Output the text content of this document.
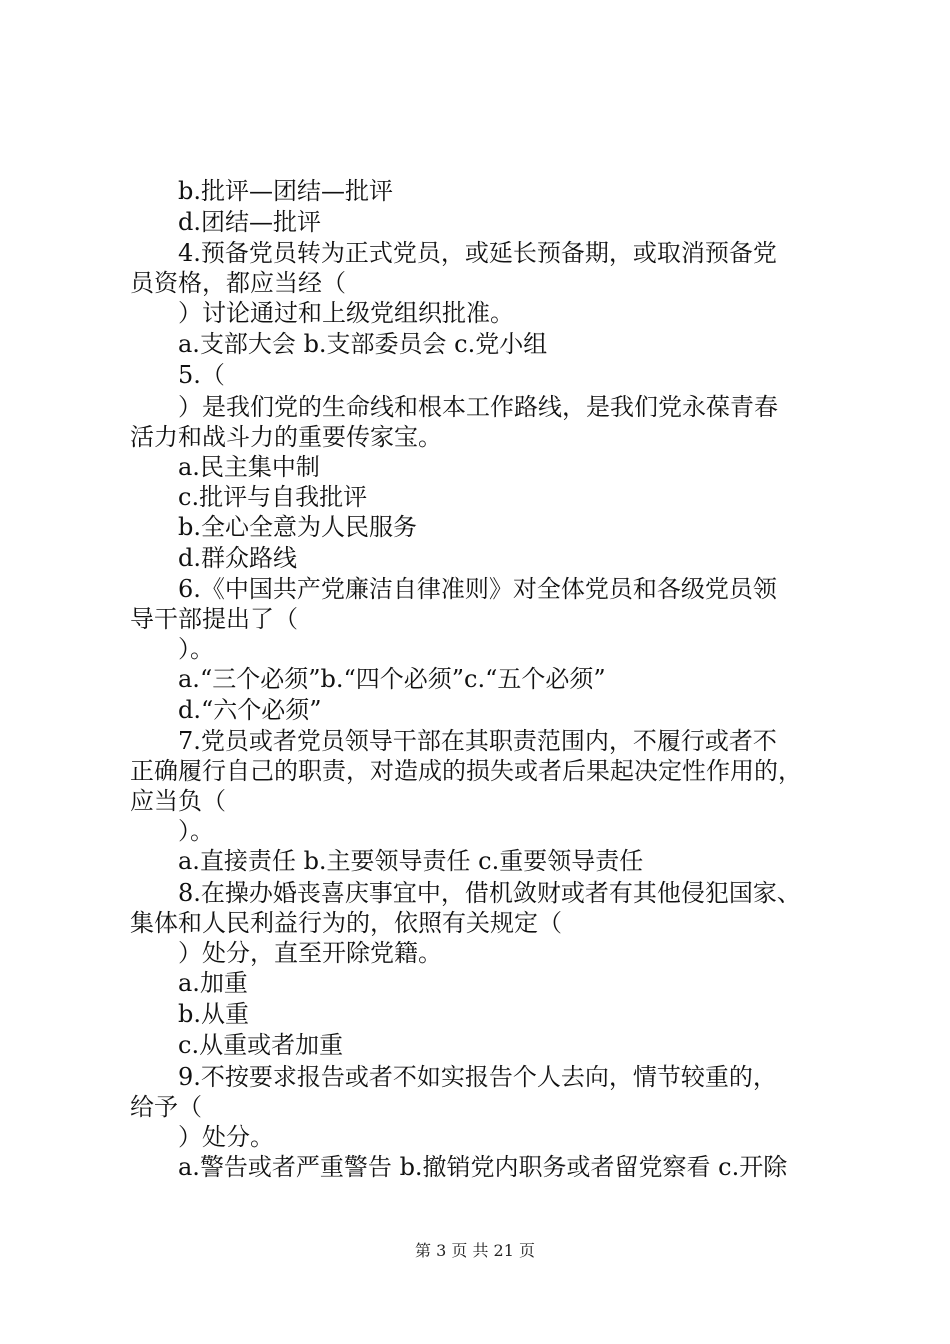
b.批评—团结—批评
d.团结—批评
4.预备党员转为正式党员，或延长预备期，或取消预备党
员资格，都应当经（
）讨论通过和上级党组织批准。
a.支部大会 b.支部委员会 c.党小组
5.（
）是我们党的生命线和根本工作路线，是我们党永葆青春
活力和战斗力的重要传家宝。
a.民主集中制
c.批评与自我批评
b.全心全意为人民服务
d.群众路线
6.《中国共产党廉洁自律准则》对全体党员和各级党员领
导干部提出了（
）。
a.“三个必须”b.“四个必须”c.“五个必须”
d.“六个必须”
7.党员或者党员领导干部在其职责范围内，不履行或者不
正确履行自己的职责，对造成的损失或者后果起决定性作用的，
应当负（
）。
a.直接责任 b.主要领导责任 c.重要领导责任
8.在操办婚丧喜庆事宜中，借机敛财或者有其他侵犯国家、
集体和人民利益行为的，依照有关规定（
）处分，直至开除党籍。
a.加重
b.从重
c.从重或者加重
9.不按要求报告或者不如实报告个人去向，情节较重的，
给予（
）处分。
a.警告或者严重警告 b.撤销党内职务或者留党察看 c.开除
第 3 页 共 21 页
